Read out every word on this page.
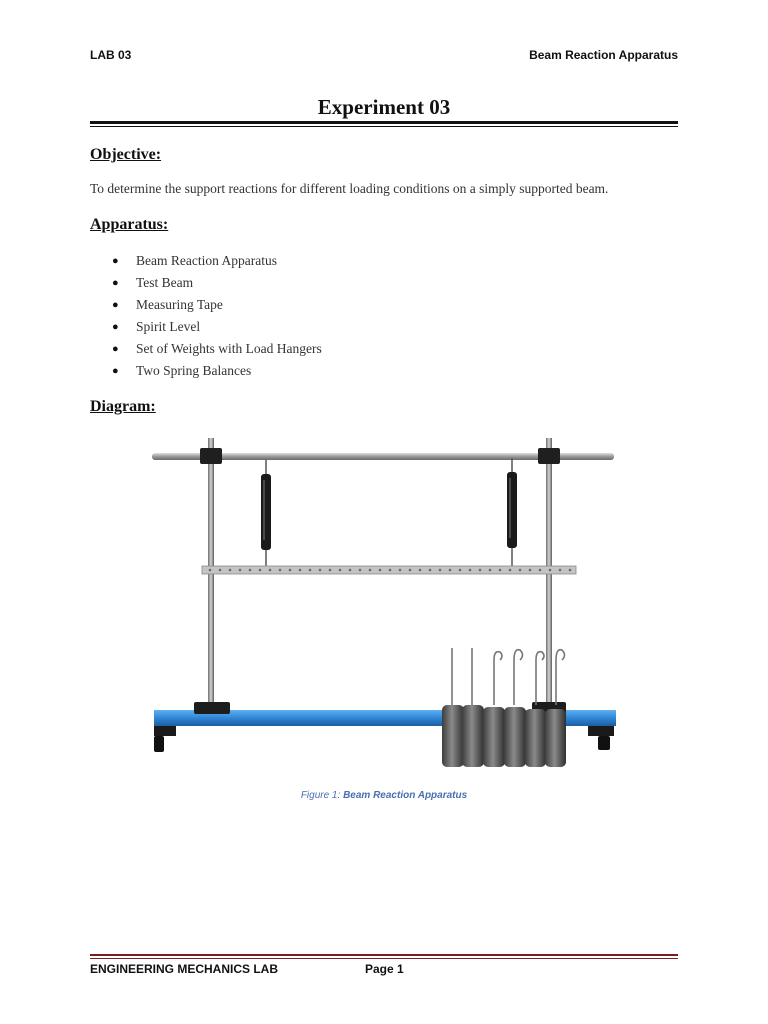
LAB 03	Beam Reaction Apparatus
Experiment 03
Objective:
To determine the support reactions for different loading conditions on a simply supported beam.
Apparatus:
● Beam Reaction Apparatus
● Test Beam
● Measuring Tape
● Spirit Level
● Set of Weights with Load Hangers
● Two Spring Balances
Diagram:
Figure 1: Beam Reaction Apparatus
ENGINEERING MECHANICS LAB	Page 1
